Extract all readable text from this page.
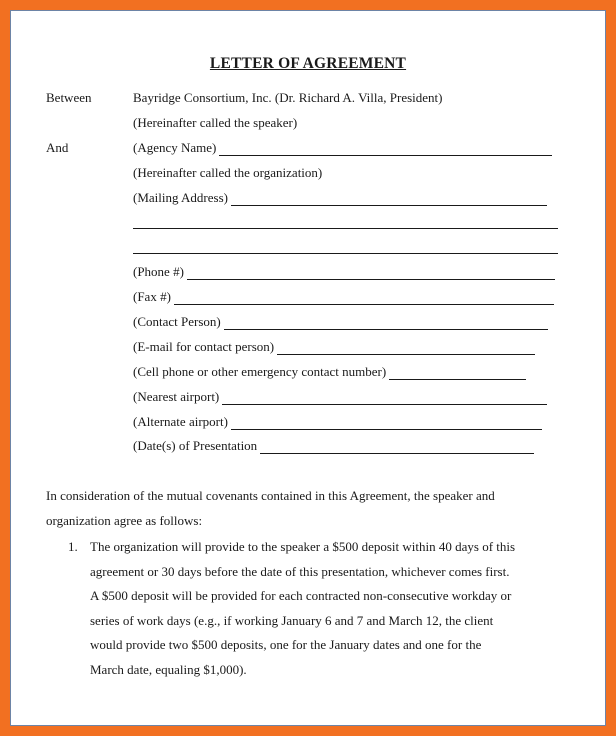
LETTER OF AGREEMENT
Between	Bayridge Consortium, Inc. (Dr. Richard A. Villa, President)
(Hereinafter called the speaker)
And	(Agency Name)
(Hereinafter called the organization)
(Mailing Address)
(Phone #)
(Fax #)
(Contact Person)
(E-mail for contact person)
(Cell phone or other emergency contact number)
(Nearest airport)
(Alternate airport)
(Date(s) of Presentation
In consideration of the mutual covenants contained in this Agreement, the speaker and
organization agree as follows:
1. The organization will provide to the speaker a $500 deposit within 40 days of this
agreement or 30 days before the date of this presentation, whichever comes first.
A $500 deposit will be provided for each contracted non-consecutive workday or
series of work days (e.g., if working January 6 and 7 and March 12, the client
would provide two $500 deposits, one for the January dates and one for the
March date, equaling $1,000).
